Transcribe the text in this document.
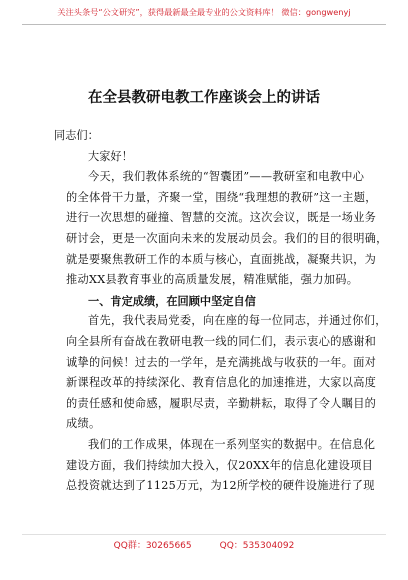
关注头条号“公文研究”，获得最新最全最专业的公文资料库！ 微信：gongwenyj
在全县教研电教工作座谈会上的讲话

同志们：

大家好！

今天，我们教体系统的“智囊团”——教研室和电教中心
的全体骨干力量，齐聚一堂，围绕“我理想的教研”这一主题，
进行一次思想的碰撞、智慧的交流。这次会议，既是一场业务
研讨会，更是一次面向未来的发展动员会。我们的目的很明确，
就是要聚焦教研工作的本质与核心，直面挑战，凝聚共识，为
推动XX县教育事业的高质量发展，精准赋能，强力加码。

一、肯定成绩，在回顾中坚定自信

首先，我代表局党委，向在座的每一位同志，并通过你们，
向全县所有奋战在教研电教一线的同仁们，表示衷心的感谢和
诚挚的问候！过去的一学年，是充满挑战与收获的一年。面对
新课程改革的持续深化、教育信息化的加速推进，大家以高度
的责任感和使命感，履职尽责，辛勤耕耘，取得了令人瞩目的
成绩。
我们的工作成果，体现在一系列坚实的数据中。在信息化
建设方面，我们持续加大投入，仅20XX年的信息化建设项目
总投资就达到了1125万元，为12所学校的硬件设施进行了现
QQ群：30265665	QQ：535304092
